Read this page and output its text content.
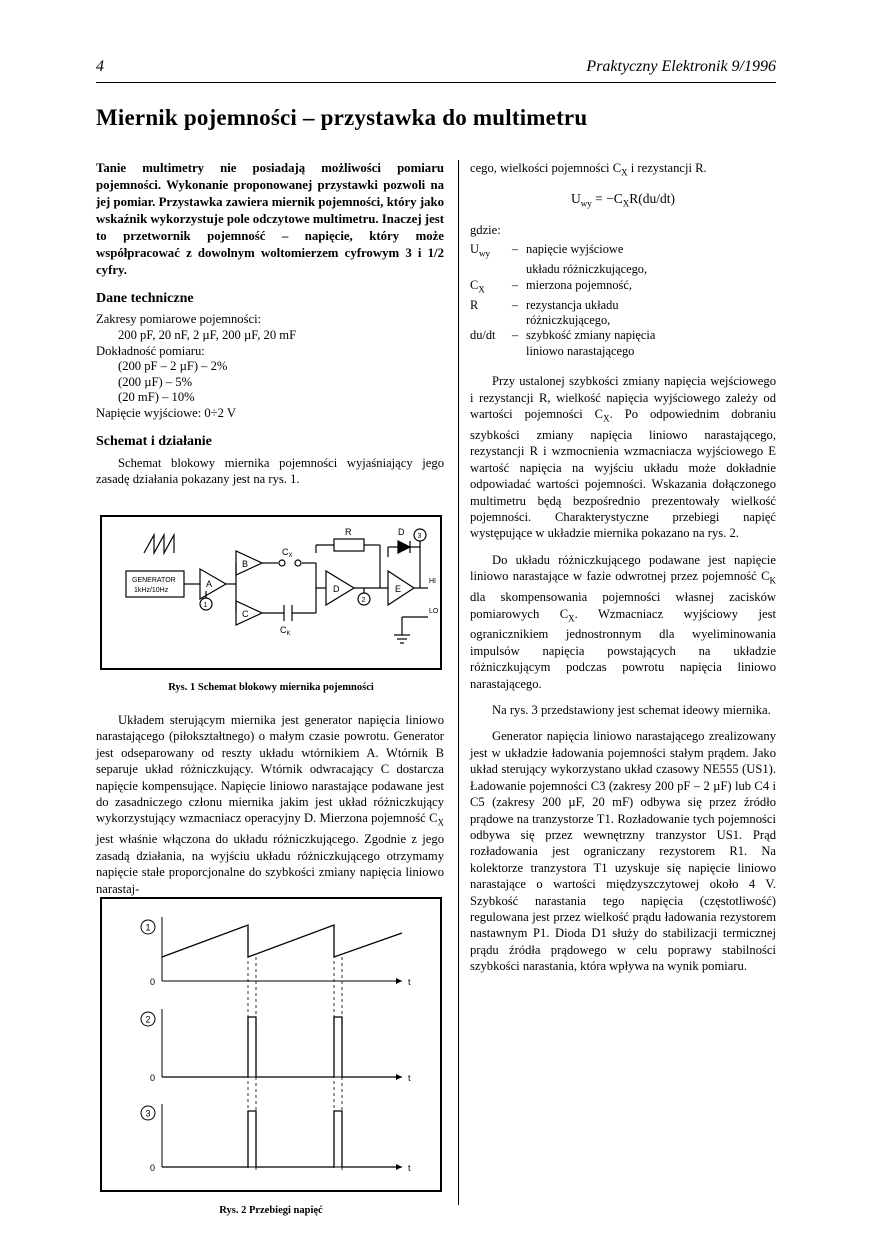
4	Praktyczny Elektronik 9/1996
Miernik pojemności – przystawka do multimetru

Tanie multimetry nie posiadają możliwości pomiaru pojemności. Wykonanie proponowanej przystawki pozwoli na jej pomiar. Przystawka zawiera miernik pojemności, który jako wskaźnik wykorzystuje pole odczytowe multimetru. Inaczej jest to przetwornik pojemność – napięcie, który może współpracować z dowolnym woltomierzem cyfrowym 3 i 1/2 cyfry.

Dane techniczne

Zakresy pomiarowe pojemności:

200 pF, 20 nF, 2 µF, 200 µF, 20 mF

Dokładność pomiaru:

(200 pF – 2 µF) – 2%

(200 µF) – 5%

(20 mF) – 10%

Napięcie wyjściowe: 0÷2 V

Schemat i działanie

Schemat blokowy miernika pojemności wyjaśniający jego zasadę działania pokazany jest na rys. 1.

GENERATOR
1kHz/10Hz
A
B
C
D	E
$C_X$
$C_K$
R	D
HI
LO
1
2
3
Rys. 1 Schemat blokowy miernika pojemności

Układem sterującym miernika jest generator napięcia liniowo narastającego (piłokształtnego) o małym czasie powrotu. Generator jest odseparowany od reszty układu wtórnikiem A. Wtórnik B separuje układ różniczkujący. Wtórnik odwracający C dostarcza napięcie kompensujące. Napięcie liniowo narastające podawane jest do zasadniczego członu miernika jakim jest układ różniczkujący wykorzystujący wzmacniacz operacyjny D. Mierzona pojemność $C_X$ jest właśnie włączona do układu różniczkującego. Zgodnie z jego zasadą działania, na wyjściu układu różniczkującego otrzymamy napięcie stałe proporcjonalne do szybkości zmiany napięcia liniowo narastaj-

1
2
3
0
0
0
t
t
t
Rys. 2 Przebiegi napięć

cego, wielkości pojemności $C_X$ i rezystancji R.

$U_{wy} = -C_XR(du/dt)$

gdzie:

$U_{wy}$	– napięcie wyjściowe
układu różniczkującego,
$C_X$	– mierzona pojemność,
R	– rezystancja układu
różniczkującego,
du/dt	– szybkość zmiany napięcia
liniowo narastającego

Przy ustalonej szybkości zmiany napięcia wejściowego i rezystancji R, wielkość napięcia wyjściowego zależy od wartości pojemności $C_X$. Po odpowiednim dobraniu szybkości zmiany napięcia liniowo narastającego, rezystancji R i wzmocnienia wzmacniacza wyjściowego E wartość napięcia na wyjściu układu może dokładnie odpowiadać wartości pojemności. Wskazania dołączonego multimetru będą bezpośrednio prezentowały wielkość pojemności. Charakterystyczne przebiegi napięć występujące w układzie miernika pokazano na rys. 2.

Do układu różniczkującego podawane jest napięcie liniowo narastające w fazie odwrotnej przez pojemność $C_K$ dla skompensowania pojemności własnej zacisków pomiarowych $C_X$. Wzmacniacz wyjściowy jest ogranicznikiem jednostronnym dla wyeliminowania impulsów napięcia powstających na układzie różniczkującym podczas powrotu napięcia liniowo narastającego.

Na rys. 3 przedstawiony jest schemat ideowy miernika.

Generator napięcia liniowo narastającego zrealizowany jest w układzie ładowania pojemności stałym prądem. Jako układ sterujący wykorzystano układ czasowy NE555 (US1). Ładowanie pojemności C3 (zakresy 200 pF – 2 µF) lub C4 i C5 (zakresy 200 µF, 20 mF) odbywa się przez źródło prądowe na tranzystorze T1. Rozładowanie tych pojemności odbywa się przez wewnętrzny tranzystor US1. Prąd rozładowania jest ograniczany rezystorem R1. Na kolektorze tranzystora T1 uzyskuje się napięcie liniowo narastające o wartości międzyszczytowej około 4 V. Szybkość narastania tego napięcia (częstotliwość) regulowana jest przez wielkość prądu ładowania rezystorem nastawnym P1. Dioda D1 służy do stabilizacji termicznej prądu źródła prądowego w celu poprawy stabilności szybkości narastania, która wpływa na wynik pomiaru.
